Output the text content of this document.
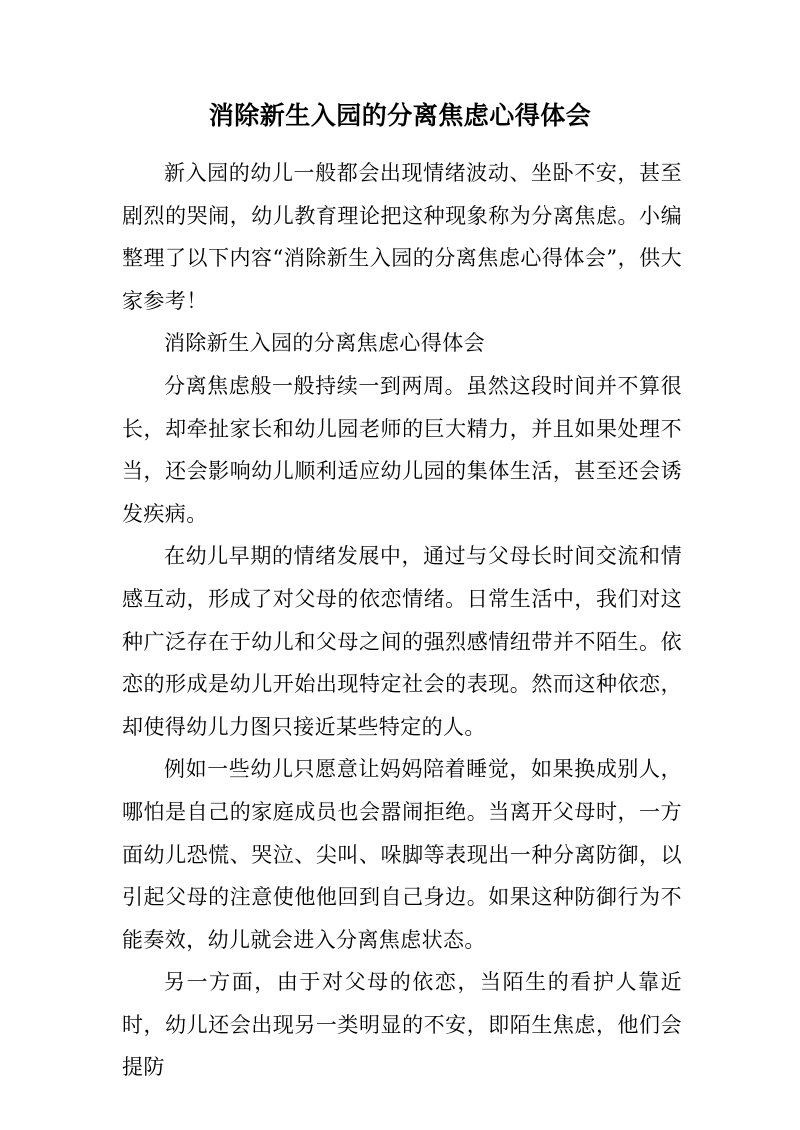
消除新生入园的分离焦虑心得体会

新入园的幼儿一般都会出现情绪波动、坐卧不安，甚至剧烈的哭闹，幼儿教育理论把这种现象称为分离焦虑。小编整理了以下内容“消除新生入园的分离焦虑心得体会”，供大家参考！

消除新生入园的分离焦虑心得体会

分离焦虑般一般持续一到两周。虽然这段时间并不算很长，却牵扯家长和幼儿园老师的巨大精力，并且如果处理不当，还会影响幼儿顺利适应幼儿园的集体生活，甚至还会诱发疾病。

在幼儿早期的情绪发展中，通过与父母长时间交流和情感互动，形成了对父母的依恋情绪。日常生活中，我们对这种广泛存在于幼儿和父母之间的强烈感情纽带并不陌生。依恋的形成是幼儿开始出现特定社会的表现。然而这种依恋，却使得幼儿力图只接近某些特定的人。

例如一些幼儿只愿意让妈妈陪着睡觉，如果换成别人，哪怕是自己的家庭成员也会嚣闹拒绝。当离开父母时，一方面幼儿恐慌、哭泣、尖叫、哚脚等表现出一种分离防御，以引起父母的注意使他他回到自己身边。如果这种防御行为不能奏效，幼儿就会进入分离焦虑状态。

另一方面，由于对父母的依恋，当陌生的看护人靠近时，幼儿还会出现另一类明显的不安，即陌生焦虑，他们会提防
